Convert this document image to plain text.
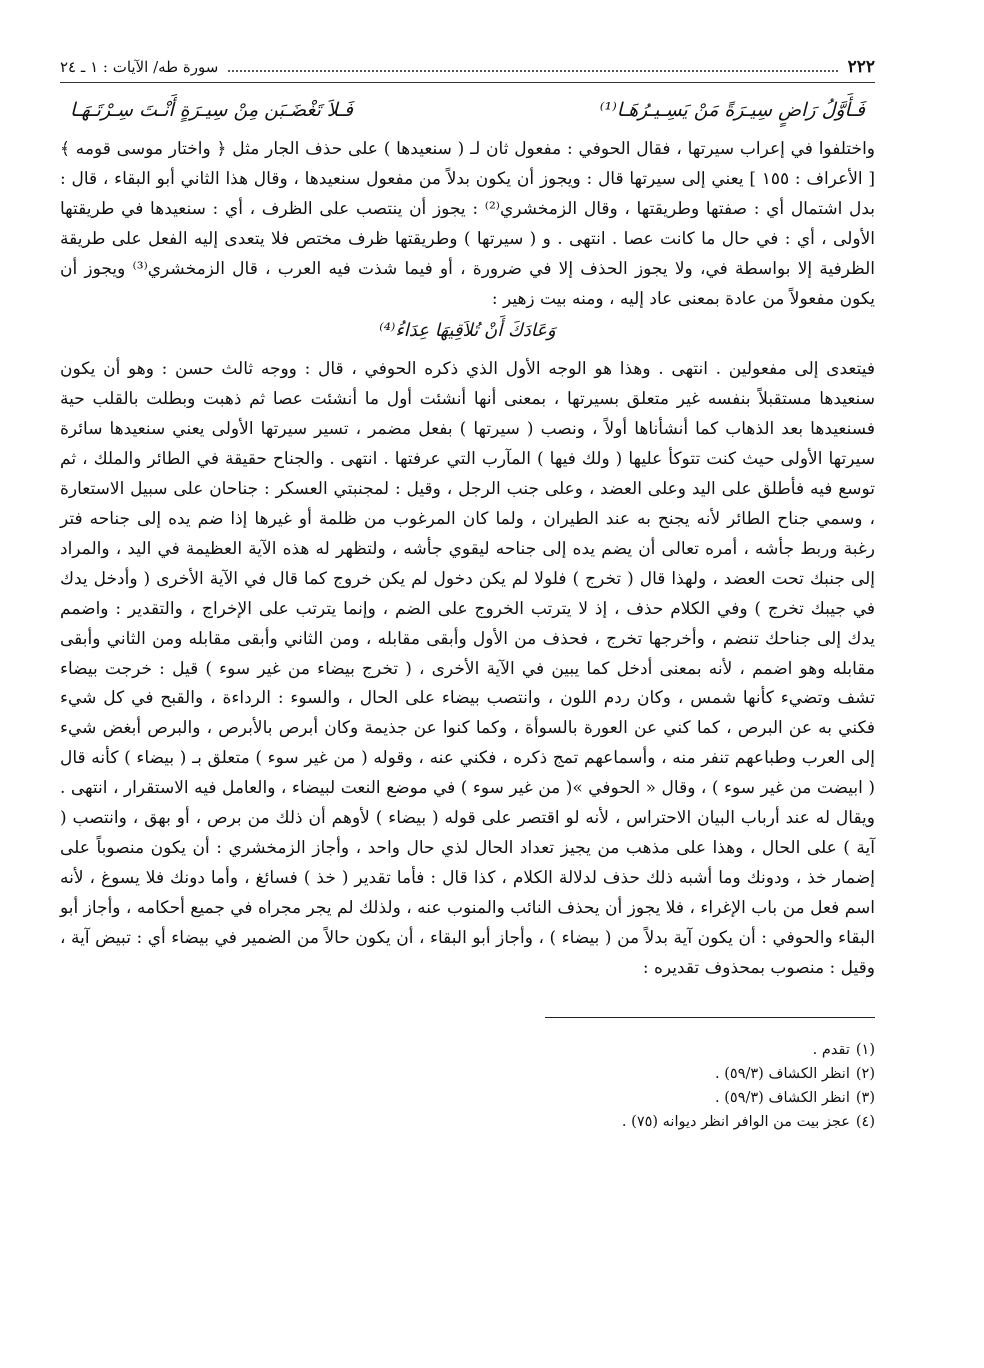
٢٢٢
سورة طه/ الآيات : ١ ـ ٢٤
فَـأَوَّلُ رَاضٍ سِيـرَةً مَنْ يَسِـيـرُهَـا⁽¹⁾
فَـلاَ تَغْضَـبَن مِنْ سِيـرَةٍ أَنْـتَ سِـرْتَـهَـا

واختلفوا في إعراب سيرتها ، فقال الحوفي : مفعول ثان لـ ( سنعيدها ) على حذف الجار مثل ﴿ واختار موسى قومه ﴾ [ الأعراف : ١٥٥ ] يعني إلى سيرتها قال : ويجوز أن يكون بدلاً من مفعول سنعيدها ، وقال هذا الثاني أبو البقاء ، قال : بدل اشتمال أي : صفتها وطريقتها ، وقال الزمخشري⁽²⁾ : يجوز أن ينتصب على الظرف ، أي : سنعيدها في طريقتها الأولى ، أي : في حال ما كانت عصا . انتهى . و ( سيرتها ) وطريقتها ظرف مختص فلا يتعدى إليه الفعل على طريقة الظرفية إلا بواسطة في، ولا يجوز الحذف إلا في ضرورة ، أو فيما شذت فيه العرب ، قال الزمخشري⁽³⁾ ويجوز أن يكون مفعولاً من عادة بمعنى عاد إليه ، ومنه بيت زهير :

وَعَادَكَ أَنْ تُلاَقِيهَا عِدَاءُ⁽⁴⁾

فيتعدى إلى مفعولين . انتهى . وهذا هو الوجه الأول الذي ذكره الحوفي ، قال : ووجه ثالث حسن : وهو أن يكون سنعيدها مستقبلاً بنفسه غير متعلق بسيرتها ، بمعنى أنها أنشئت أول ما أنشئت عصا ثم ذهبت وبطلت بالقلب حية فسنعيدها بعد الذهاب كما أنشأناها أولاً ، ونصب ( سيرتها ) بفعل مضمر ، تسير سيرتها الأولى يعني سنعيدها سائرة سيرتها الأولى حيث كنت تتوكأ عليها ( ولك فيها ) المآرب التي عرفتها . انتهى . والجناح حقيقة في الطائر والملك ، ثم توسع فيه فأطلق على اليد وعلى العضد ، وعلى جنب الرجل ، وقيل : لمجنبتي العسكر : جناحان على سبيل الاستعارة ، وسمي جناح الطائر لأنه يجنح به عند الطيران ، ولما كان المرغوب من ظلمة أو غيرها إذا ضم يده إلى جناحه فتر رغبة وربط جأشه ، أمره تعالى أن يضم يده إلى جناحه ليقوي جأشه ، ولتظهر له هذه الآية العظيمة في اليد ، والمراد إلى جنبك تحت العضد ، ولهذا قال ( تخرج ) فلولا لم يكن دخول لم يكن خروج كما قال في الآية الأخرى ( وأدخل يدك في جيبك تخرج ) وفي الكلام حذف ، إذ لا يترتب الخروج على الضم ، وإنما يترتب على الإخراج ، والتقدير : واضمم يدك إلى جناحك تنضم ، وأخرجها تخرج ، فحذف من الأول وأبقى مقابله ، ومن الثاني وأبقى مقابله ومن الثاني وأبقى مقابله وهو اضمم ، لأنه بمعنى أدخل كما يبين في الآية الأخرى ، ( تخرج بيضاء من غير سوء ) قيل : خرجت بيضاء تشف وتضيء كأنها شمس ، وكان ردم اللون ، وانتصب بيضاء على الحال ، والسوء : الرداءة ، والقبح في كل شيء فكني به عن البرص ، كما كني عن العورة بالسوأة ، وكما كنوا عن جذيمة وكان أبرص بالأبرص ، والبرص أبغض شيء إلى العرب وطباعهم تنفر منه ، وأسماعهم تمج ذكره ، فكني عنه ، وقوله ( من غير سوء ) متعلق بـ ( بيضاء ) كأنه قال ( ابيضت من غير سوء ) ، وقال « الحوفي »( من غير سوء ) في موضع النعت لبيضاء ، والعامل فيه الاستقرار ، انتهى . ويقال له عند أرباب البيان الاحتراس ، لأنه لو اقتصر على قوله ( بيضاء ) لأوهم أن ذلك من برص ، أو بهق ، وانتصب ( آية ) على الحال ، وهذا على مذهب من يجيز تعداد الحال لذي حال واحد ، وأجاز الزمخشري : أن يكون منصوباً على إضمار خذ ، ودونك وما أشبه ذلك حذف لدلالة الكلام ، كذا قال : فأما تقدير ( خذ ) فسائغ ، وأما دونك فلا يسوغ ، لأنه اسم فعل من باب الإغراء ، فلا يجوز أن يحذف النائب والمنوب عنه ، ولذلك لم يجر مجراه في جميع أحكامه ، وأجاز أبو البقاء والحوفي : أن يكون آية بدلاً من ( بيضاء ) ، وأجاز أبو البقاء ، أن يكون حالاً من الضمير في بيضاء أي : تبيض آية ، وقيل : منصوب بمحذوف تقديره :

(١)
تقدم .
(٢)
انظر الكشاف (٥٩/٣) .
(٣)
انظر الكشاف (٥٩/٣) .
(٤)
عجز بيت من الوافر انظر ديوانه (٧٥) .
